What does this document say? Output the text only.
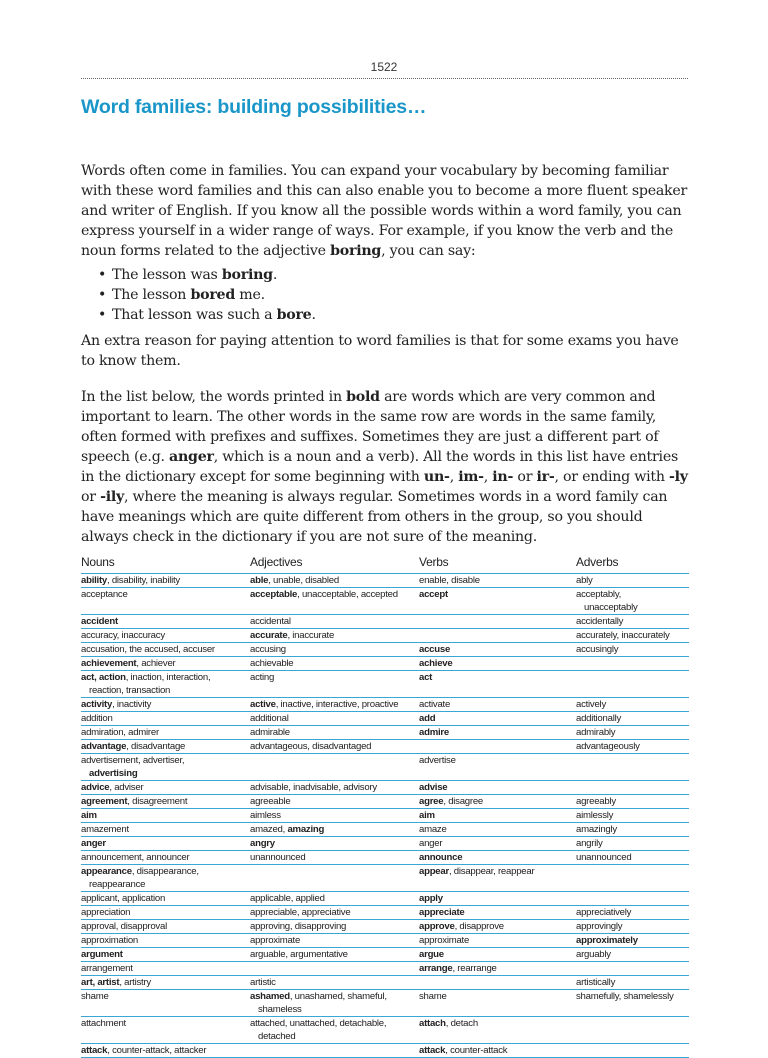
1522
Word families: building possibilities…

Words often come in families. You can expand your vocabulary by becoming familiar with these word families and this can also enable you to become a more fluent speaker and writer of English. If you know all the possible words within a word family, you can express yourself in a wider range of ways. For example, if you know the verb and the noun forms related to the adjective boring, you can say:

• The lesson was boring.
• The lesson bored me.
• That lesson was such a bore.

An extra reason for paying attention to word families is that for some exams you have to know them.

In the list below, the words printed in bold are words which are very common and important to learn. The other words in the same row are words in the same family, often formed with prefixes and suffixes. Sometimes they are just a different part of speech (e.g. anger, which is a noun and a verb). All the words in this list have entries in the dictionary except for some beginning with un-, im-, in- or ir-, or ending with -ly or -ily, where the meaning is always regular. Sometimes words in a word family can have meanings which are quite different from others in the group, so you should always check in the dictionary if you are not sure of the meaning.

Nouns	Adjectives	Verbs	Adverbs

ability, disability, inability	able, unable, disabled	enable, disable	ably

acceptance	acceptable, unacceptable, accepted	accept	acceptably,
unacceptably

accident	accidental		accidentally

accuracy, inaccuracy	accurate, inaccurate		accurately, inaccurately

accusation, the accused, accuser	accusing	accuse	accusingly

achievement, achiever	achievable	achieve	

act, action, inaction, interaction,
reaction, transaction	acting	act	

activity, inactivity	active, inactive, interactive, proactive	activate	actively

addition	additional	add	additionally

admiration, admirer	admirable	admire	admirably

advantage, disadvantage	advantageous, disadvantaged		advantageously

advertisement, advertiser,
advertising		advertise	

advice, adviser	advisable, inadvisable, advisory	advise	

agreement, disagreement	agreeable	agree, disagree	agreeably

aim	aimless	aim	aimlessly

amazement	amazed, amazing	amaze	amazingly

anger	angry	anger	angrily

announcement, announcer	unannounced	announce	unannounced

appearance, disappearance,
reappearance		appear, disappear, reappear	

applicant, application	applicable, applied	apply	

appreciation	appreciable, appreciative	appreciate	appreciatively

approval, disapproval	approving, disapproving	approve, disapprove	approvingly

approximation	approximate	approximate	approximately

argument	arguable, argumentative	argue	arguably

arrangement		arrange, rearrange	

art, artist, artistry	artistic		artistically

shame	ashamed, unashamed, shameful,
shameless	shame	shamefully, shamelessly

attachment	attached, unattached, detachable,
detached	attach, detach	

attack, counter-attack, attacker		attack, counter-attack	
